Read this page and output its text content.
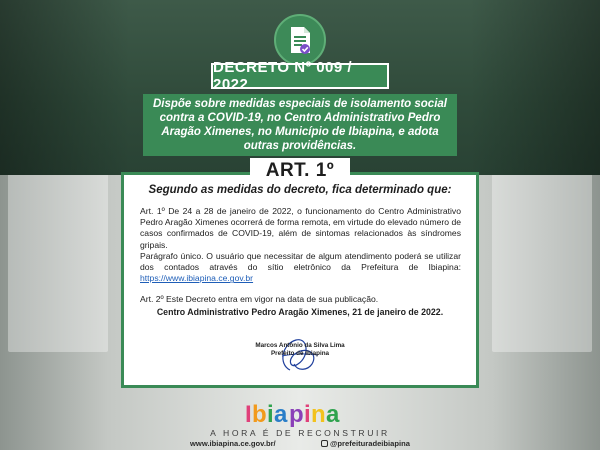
DECRETO Nº 009 / 2022
Dispõe sobre medidas especiais de isolamento social contra a COVID-19, no Centro Administrativo Pedro Aragão Ximenes, no Município de Ibiapina, e adota outras providências.
ART. 1º
Segundo as medidas do decreto, fica determinado que:
Art. 1º De 24 a 28 de janeiro de 2022, o funcionamento do Centro Administrativo Pedro Aragão Ximenes ocorrerá de forma remota, em virtude do elevado número de casos confirmados de COVID-19, além de sintomas relacionados às síndromes gripais.
Parágrafo único. O usuário que necessitar de algum atendimento poderá se utilizar dos contados através do sítio eletrônico da Prefeitura de Ibiapina: https://www.ibiapina.ce.gov.br
Art. 2º Este Decreto entra em vigor na data de sua publicação.
Centro Administrativo Pedro Aragão Ximenes, 21 de janeiro de 2022.
Marcos Antônio da Silva Lima
Prefeito de Ibiapina
I b i a p i n a
A HORA É DE RECONSTRUIR
www.ibiapina.ce.gov.br/	@prefeituradeibiapina
